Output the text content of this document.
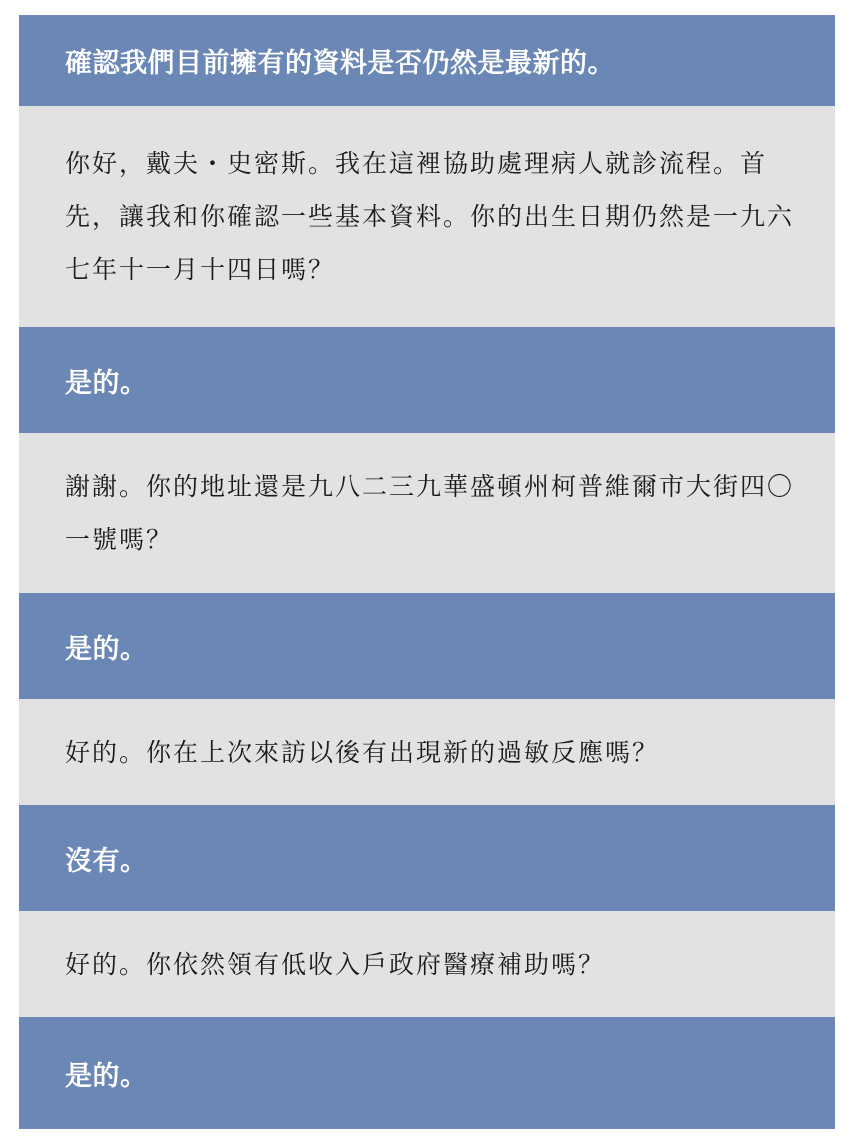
確認我們目前擁有的資料是否仍然是最新的。
你好，戴夫・史密斯。我在這裡協助處理病人就診流程。首先，讓我和你確認一些基本資料。你的出生日期仍然是一九六七年十一月十四日嗎？
是的。
謝謝。你的地址還是九八二三九華盛頓州柯普維爾市大街四〇一號嗎？
是的。
好的。你在上次來訪以後有出現新的過敏反應嗎？
沒有。
好的。你依然領有低收入戶政府醫療補助嗎？
是的。
